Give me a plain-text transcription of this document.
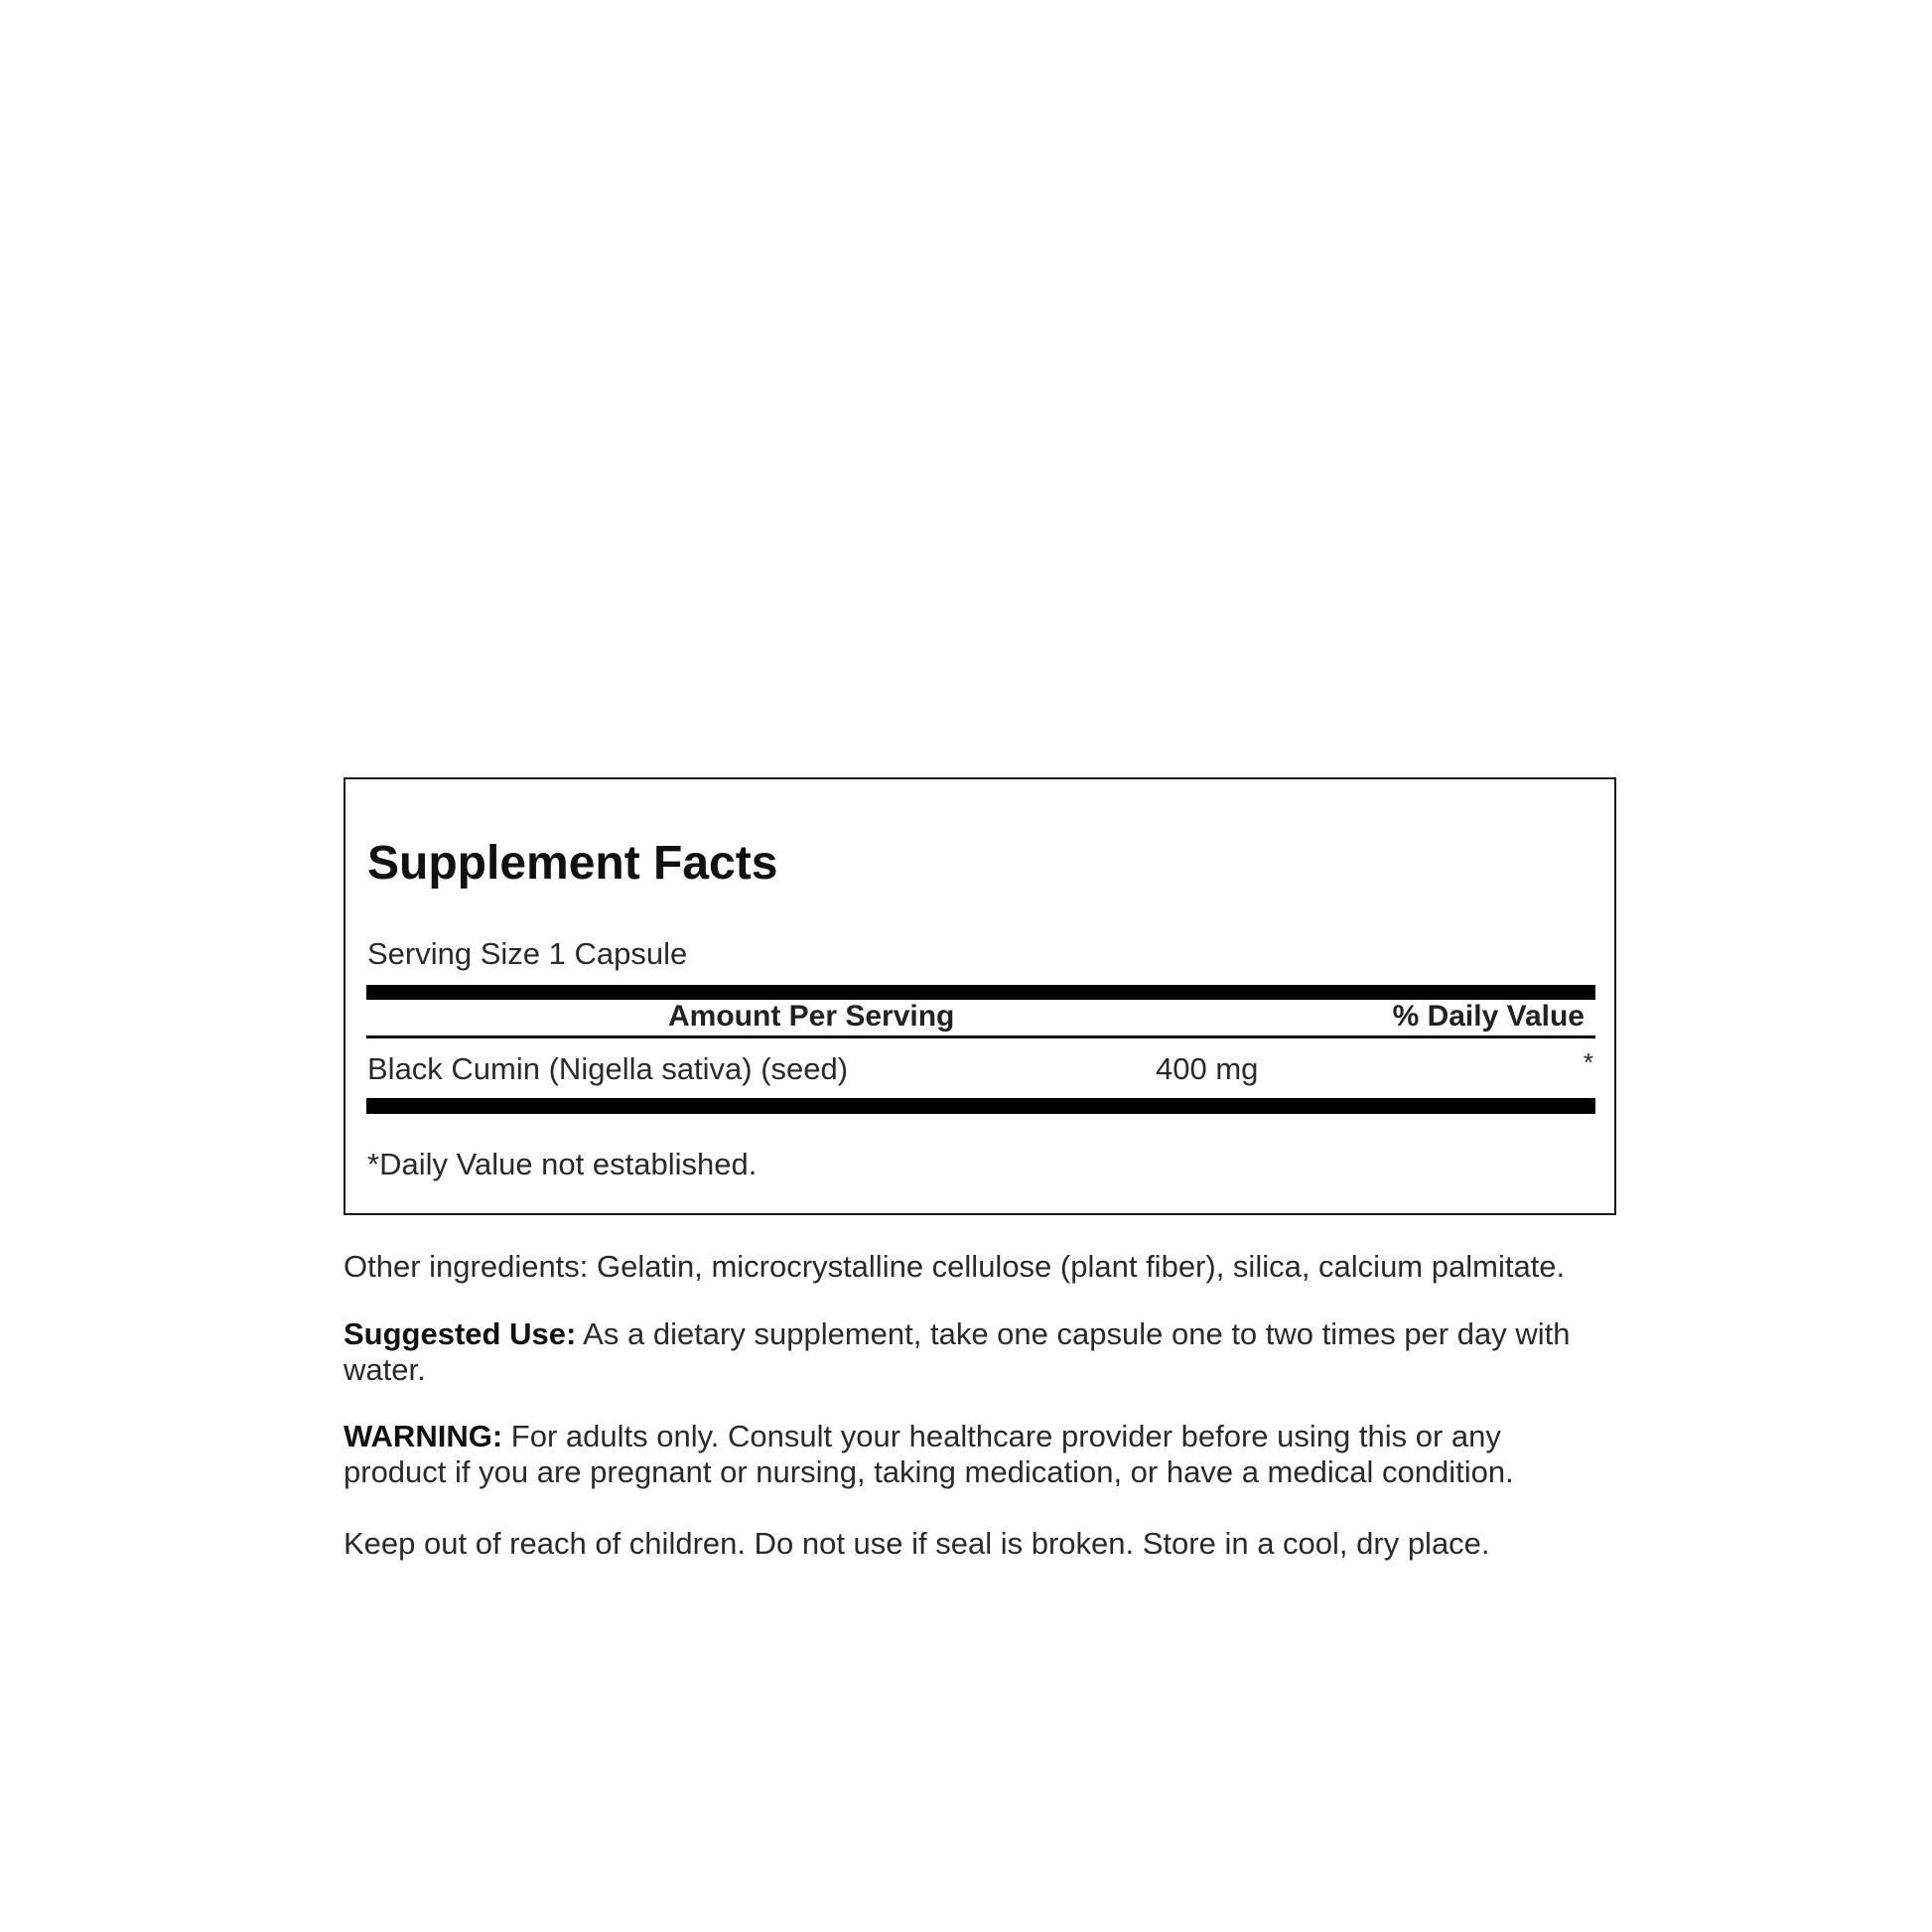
Supplement Facts
Serving Size 1 Capsule
Amount Per Serving	% Daily Value
Black Cumin (Nigella sativa) (seed)	400 mg	*
*Daily Value not established.
Other ingredients: Gelatin, microcrystalline cellulose (plant fiber), silica, calcium palmitate.
Suggested Use: As a dietary supplement, take one capsule one to two times per day with water.
WARNING: For adults only. Consult your healthcare provider before using this or any product if you are pregnant or nursing, taking medication, or have a medical condition.
Keep out of reach of children. Do not use if seal is broken. Store in a cool, dry place.
